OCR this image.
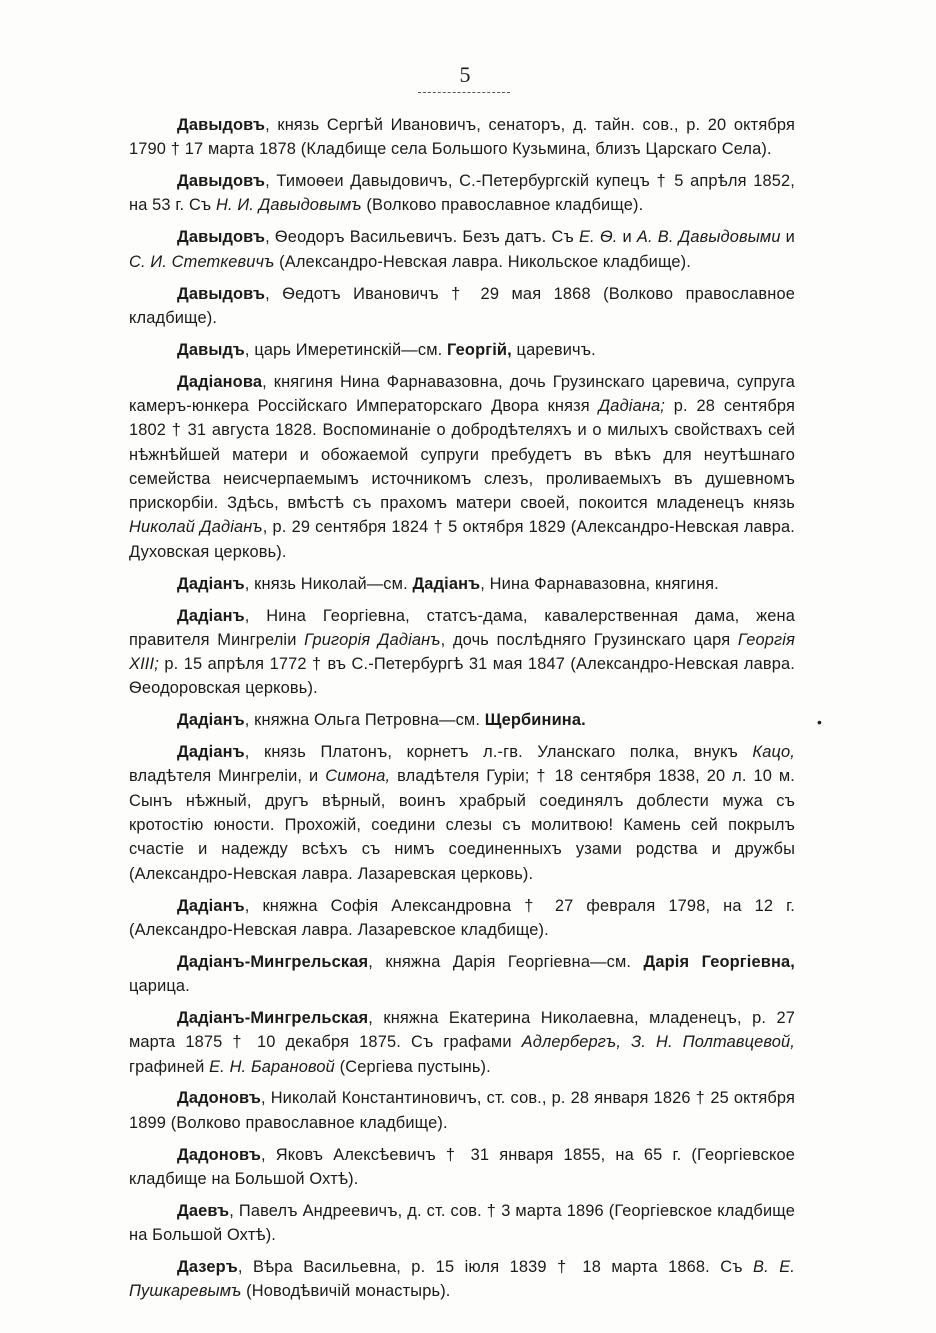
5

Давыдовъ, князь Сергѣй Ивановичъ, сенаторъ, д. тайн. сов., р. 20 октября 1790 † 17 марта 1878 (Кладбище села Большого Кузьмина, близъ Царскаго Села).

Давыдовъ, Тимоѳеи Давыдовичъ, С.-Петербургскій купецъ † 5 апрѣля 1852, на 53 г. Съ Н. И. Давыдовымъ (Волково православное кладбище).

Давыдовъ, Ѳеодоръ Васильевичъ. Безъ датъ. Съ Е. Ѳ. и А. В. Давыдовыми и С. И. Стеткевичъ (Александро-Невская лавра. Никольское кладбище).

Давыдовъ, Ѳедотъ Ивановичъ † 29 мая 1868 (Волково православное кладбище).

Давыдъ, царь Имеретинскій—см. Георгій, царевичъ.

Дадіанова, княгиня Нина Фарнавазовна, дочь Грузинскаго царевича, супруга камеръ-юнкера Россійскаго Императорскаго Двора князя Дадіана; р. 28 сентября 1802 † 31 августа 1828. Воспоминаніе о добродѣтеляхъ и о милыхъ свойствахъ сей нѣжнѣйшей матери и обожаемой супруги пребудетъ въ вѣкъ для неутѣшнаго семейства неисчерпаемымъ источникомъ слезъ, проливаемыхъ въ душевномъ прискорбіи. Здѣсь, вмѣстѣ съ прахомъ матери своей, покоится младенецъ князь Николай Дадіанъ, р. 29 сентября 1824 † 5 октября 1829 (Александро-Невская лавра. Духовская церковь).

Дадіанъ, князь Николай—см. Дадіанъ, Нина Фарнавазовна, княгиня.

Дадіанъ, Нина Георгіевна, статсъ-дама, кавалерственная дама, жена правителя Мингреліи Григорія Дадіанъ, дочь послѣдняго Грузинскаго царя Георгія XIII; р. 15 апрѣля 1772 † въ С.-Петербургѣ 31 мая 1847 (Александро-Невская лавра. Ѳеодоровская церковь).

Дадіанъ, княжна Ольга Петровна—см. Щербинина.

Дадіанъ, князь Платонъ, корнетъ л.-гв. Уланскаго полка, внукъ Кацо, владѣтеля Мингреліи, и Симона, владѣтеля Гуріи; † 18 сентября 1838, 20 л. 10 м. Сынъ нѣжный, другъ вѣрный, воинъ храбрый соединялъ доблести мужа съ кротостію юности. Прохожій, соедини слезы съ молитвою! Камень сей покрылъ счастіе и надежду всѣхъ съ нимъ соединенныхъ узами родства и дружбы (Александро-Невская лавра. Лазаревская церковь).

Дадіанъ, княжна Софія Александровна † 27 февраля 1798, на 12 г. (Александро-Невская лавра. Лазаревское кладбище).

Дадіанъ-Мингрельская, княжна Дарія Георгіевна—см. Дарія Георгіевна, царица.

Дадіанъ-Мингрельская, княжна Екатерина Николаевна, младенецъ, р. 27 марта 1875 † 10 декабря 1875. Съ графами Адлербергъ, З. Н. Полтавцевой, графиней Е. Н. Барановой (Сергіева пустынь).

Дадоновъ, Николай Константиновичъ, ст. сов., р. 28 января 1826 † 25 октября 1899 (Волково православное кладбище).

Дадоновъ, Яковъ Алексѣевичъ † 31 января 1855, на 65 г. (Георгіевское кладбище на Большой Охтѣ).

Даевъ, Павелъ Андреевичъ, д. ст. сов. † 3 марта 1896 (Георгіевское кладбище на Большой Охтѣ).

Дазеръ, Вѣра Васильевна, р. 15 іюля 1839 † 18 марта 1868. Съ В. Е. Пушкаревымъ (Новодѣвичій монастырь).

•
